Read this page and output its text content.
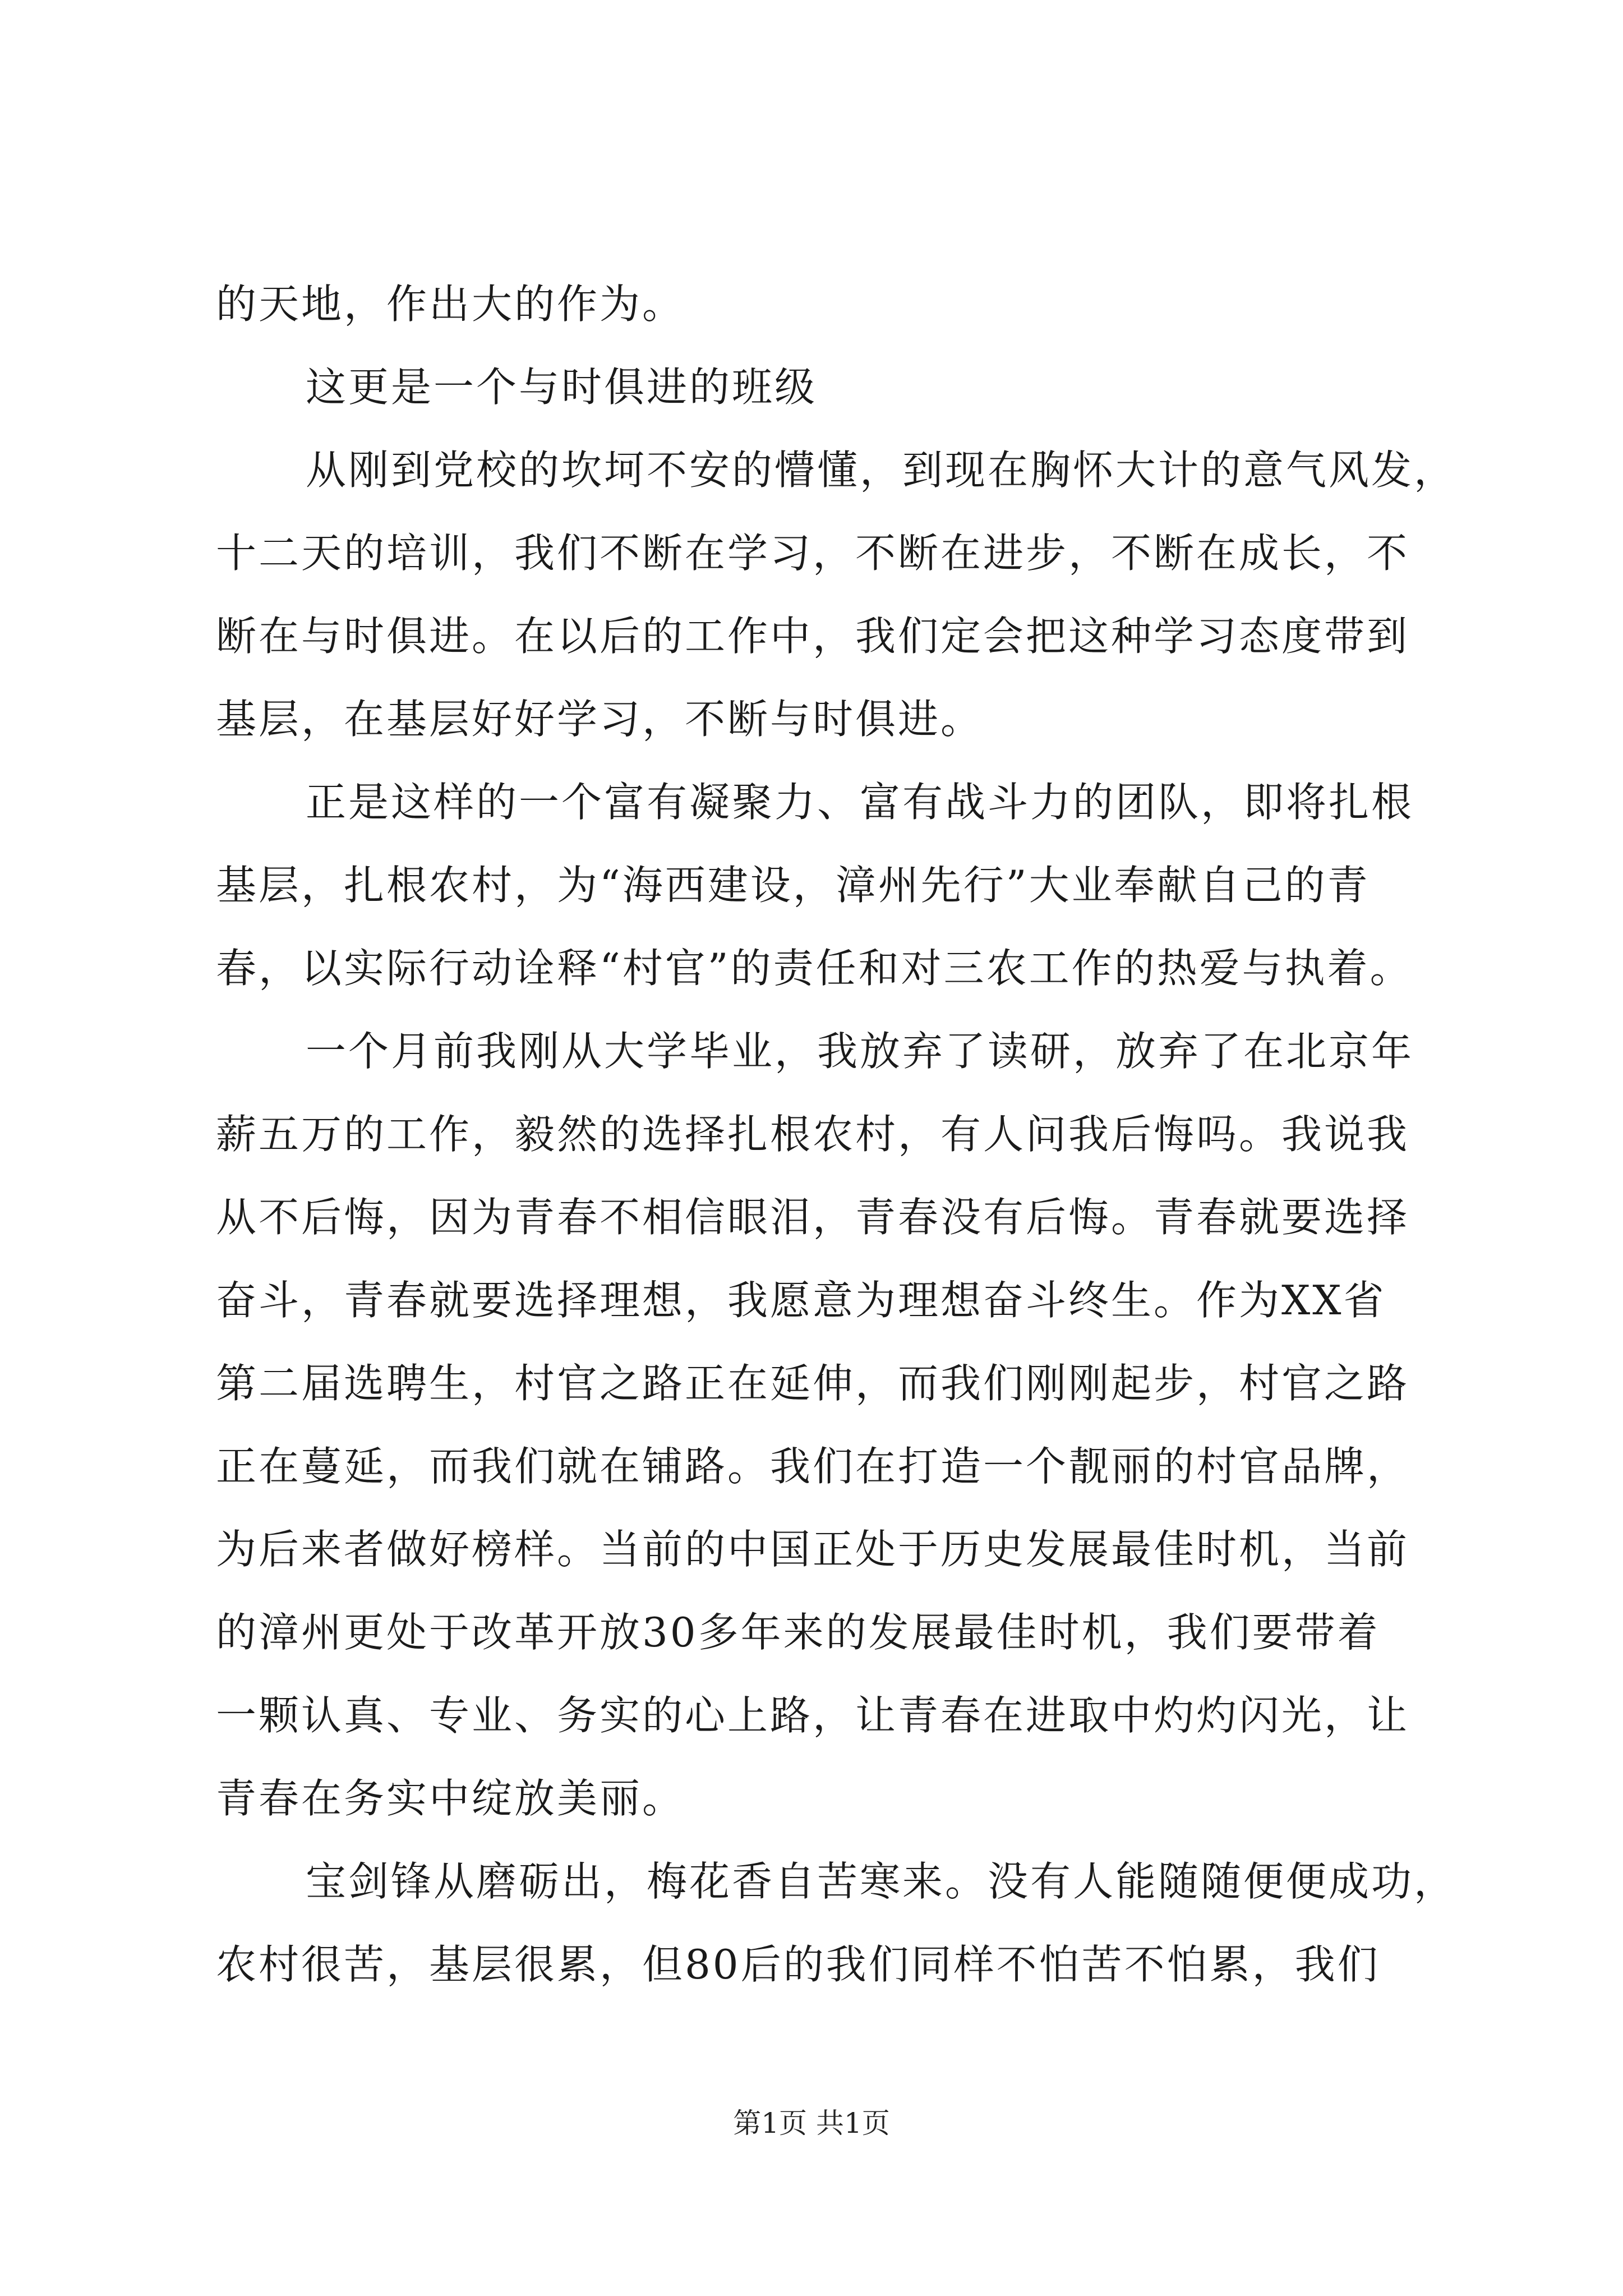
的天地，作出大的作为。
这更是一个与时俱进的班级
从刚到党校的坎坷不安的懵懂，到现在胸怀大计的意气风发，
十二天的培训，我们不断在学习，不断在进步，不断在成长，不
断在与时俱进。在以后的工作中，我们定会把这种学习态度带到
基层，在基层好好学习，不断与时俱进。
正是这样的一个富有凝聚力、富有战斗力的团队，即将扎根
基层，扎根农村，为“海西建设，漳州先行”大业奉献自己的青
春，以实际行动诠释“村官”的责任和对三农工作的热爱与执着。
一个月前我刚从大学毕业，我放弃了读研，放弃了在北京年
薪五万的工作，毅然的选择扎根农村，有人问我后悔吗。我说我
从不后悔，因为青春不相信眼泪，青春没有后悔。青春就要选择
奋斗，青春就要选择理想，我愿意为理想奋斗终生。作为XX省
第二届选聘生，村官之路正在延伸，而我们刚刚起步，村官之路
正在蔓延，而我们就在铺路。我们在打造一个靓丽的村官品牌，
为后来者做好榜样。当前的中国正处于历史发展最佳时机，当前
的漳州更处于改革开放30多年来的发展最佳时机，我们要带着
一颗认真、专业、务实的心上路，让青春在进取中灼灼闪光，让
青春在务实中绽放美丽。
宝剑锋从磨砺出，梅花香自苦寒来。没有人能随随便便成功，
农村很苦，基层很累，但80后的我们同样不怕苦不怕累，我们
第1页 共1页
